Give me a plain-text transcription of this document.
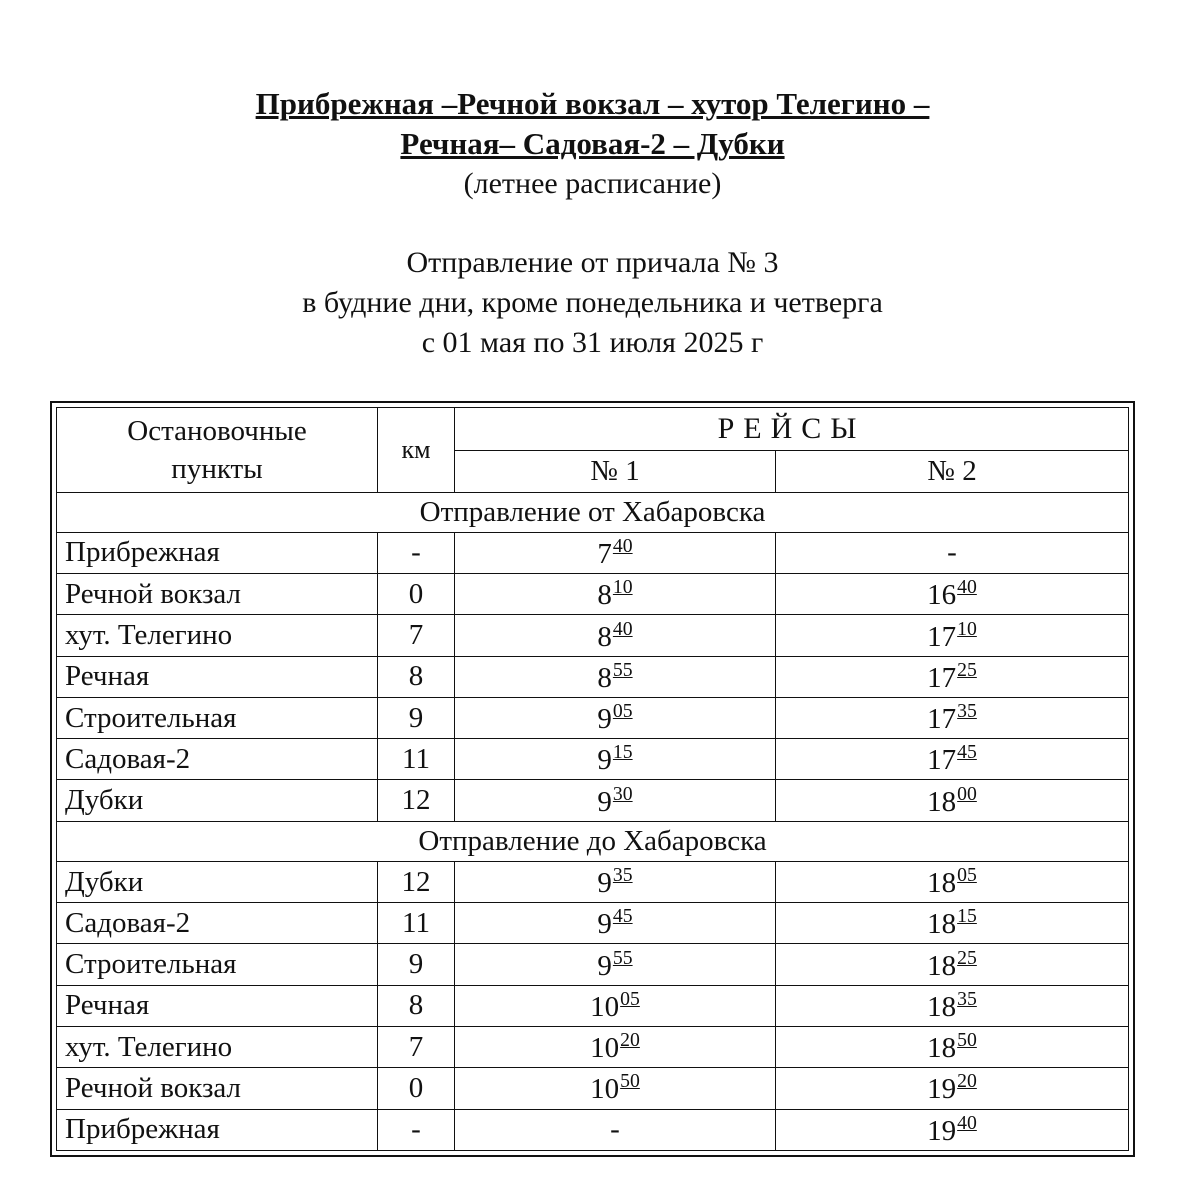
Прибрежная –Речной вокзал – хутор Телегино –
Речная– Садовая-2 – Дубки
(летнее расписание)
Отправление от причала № 3
в будние дни, кроме понедельника и четверга
с 01 мая по 31 июля 2025 г
Остановочные
пункты	км	РЕЙСЫ	
		№ 1	№ 2
Отправление от Хабаровска			
Прибрежная	-	$7^{40}$	-
Речной вокзал	0	$8^{10}$	$16^{40}$
хут. Телегино	7	$8^{40}$	$17^{10}$
Речная	8	$8^{55}$	$17^{25}$
Строительная	9	$9^{05}$	$17^{35}$
Садовая-2	11	$9^{15}$	$17^{45}$
Дубки	12	$9^{30}$	$18^{00}$
Отправление до Хабаровска			
Дубки	12	$9^{35}$	$18^{05}$
Садовая-2	11	$9^{45}$	$18^{15}$
Строительная	9	$9^{55}$	$18^{25}$
Речная	8	$10^{05}$	$18^{35}$
хут. Телегино	7	$10^{20}$	$18^{50}$
Речной вокзал	0	$10^{50}$	$19^{20}$
Прибрежная	-	-	$19^{40}$
